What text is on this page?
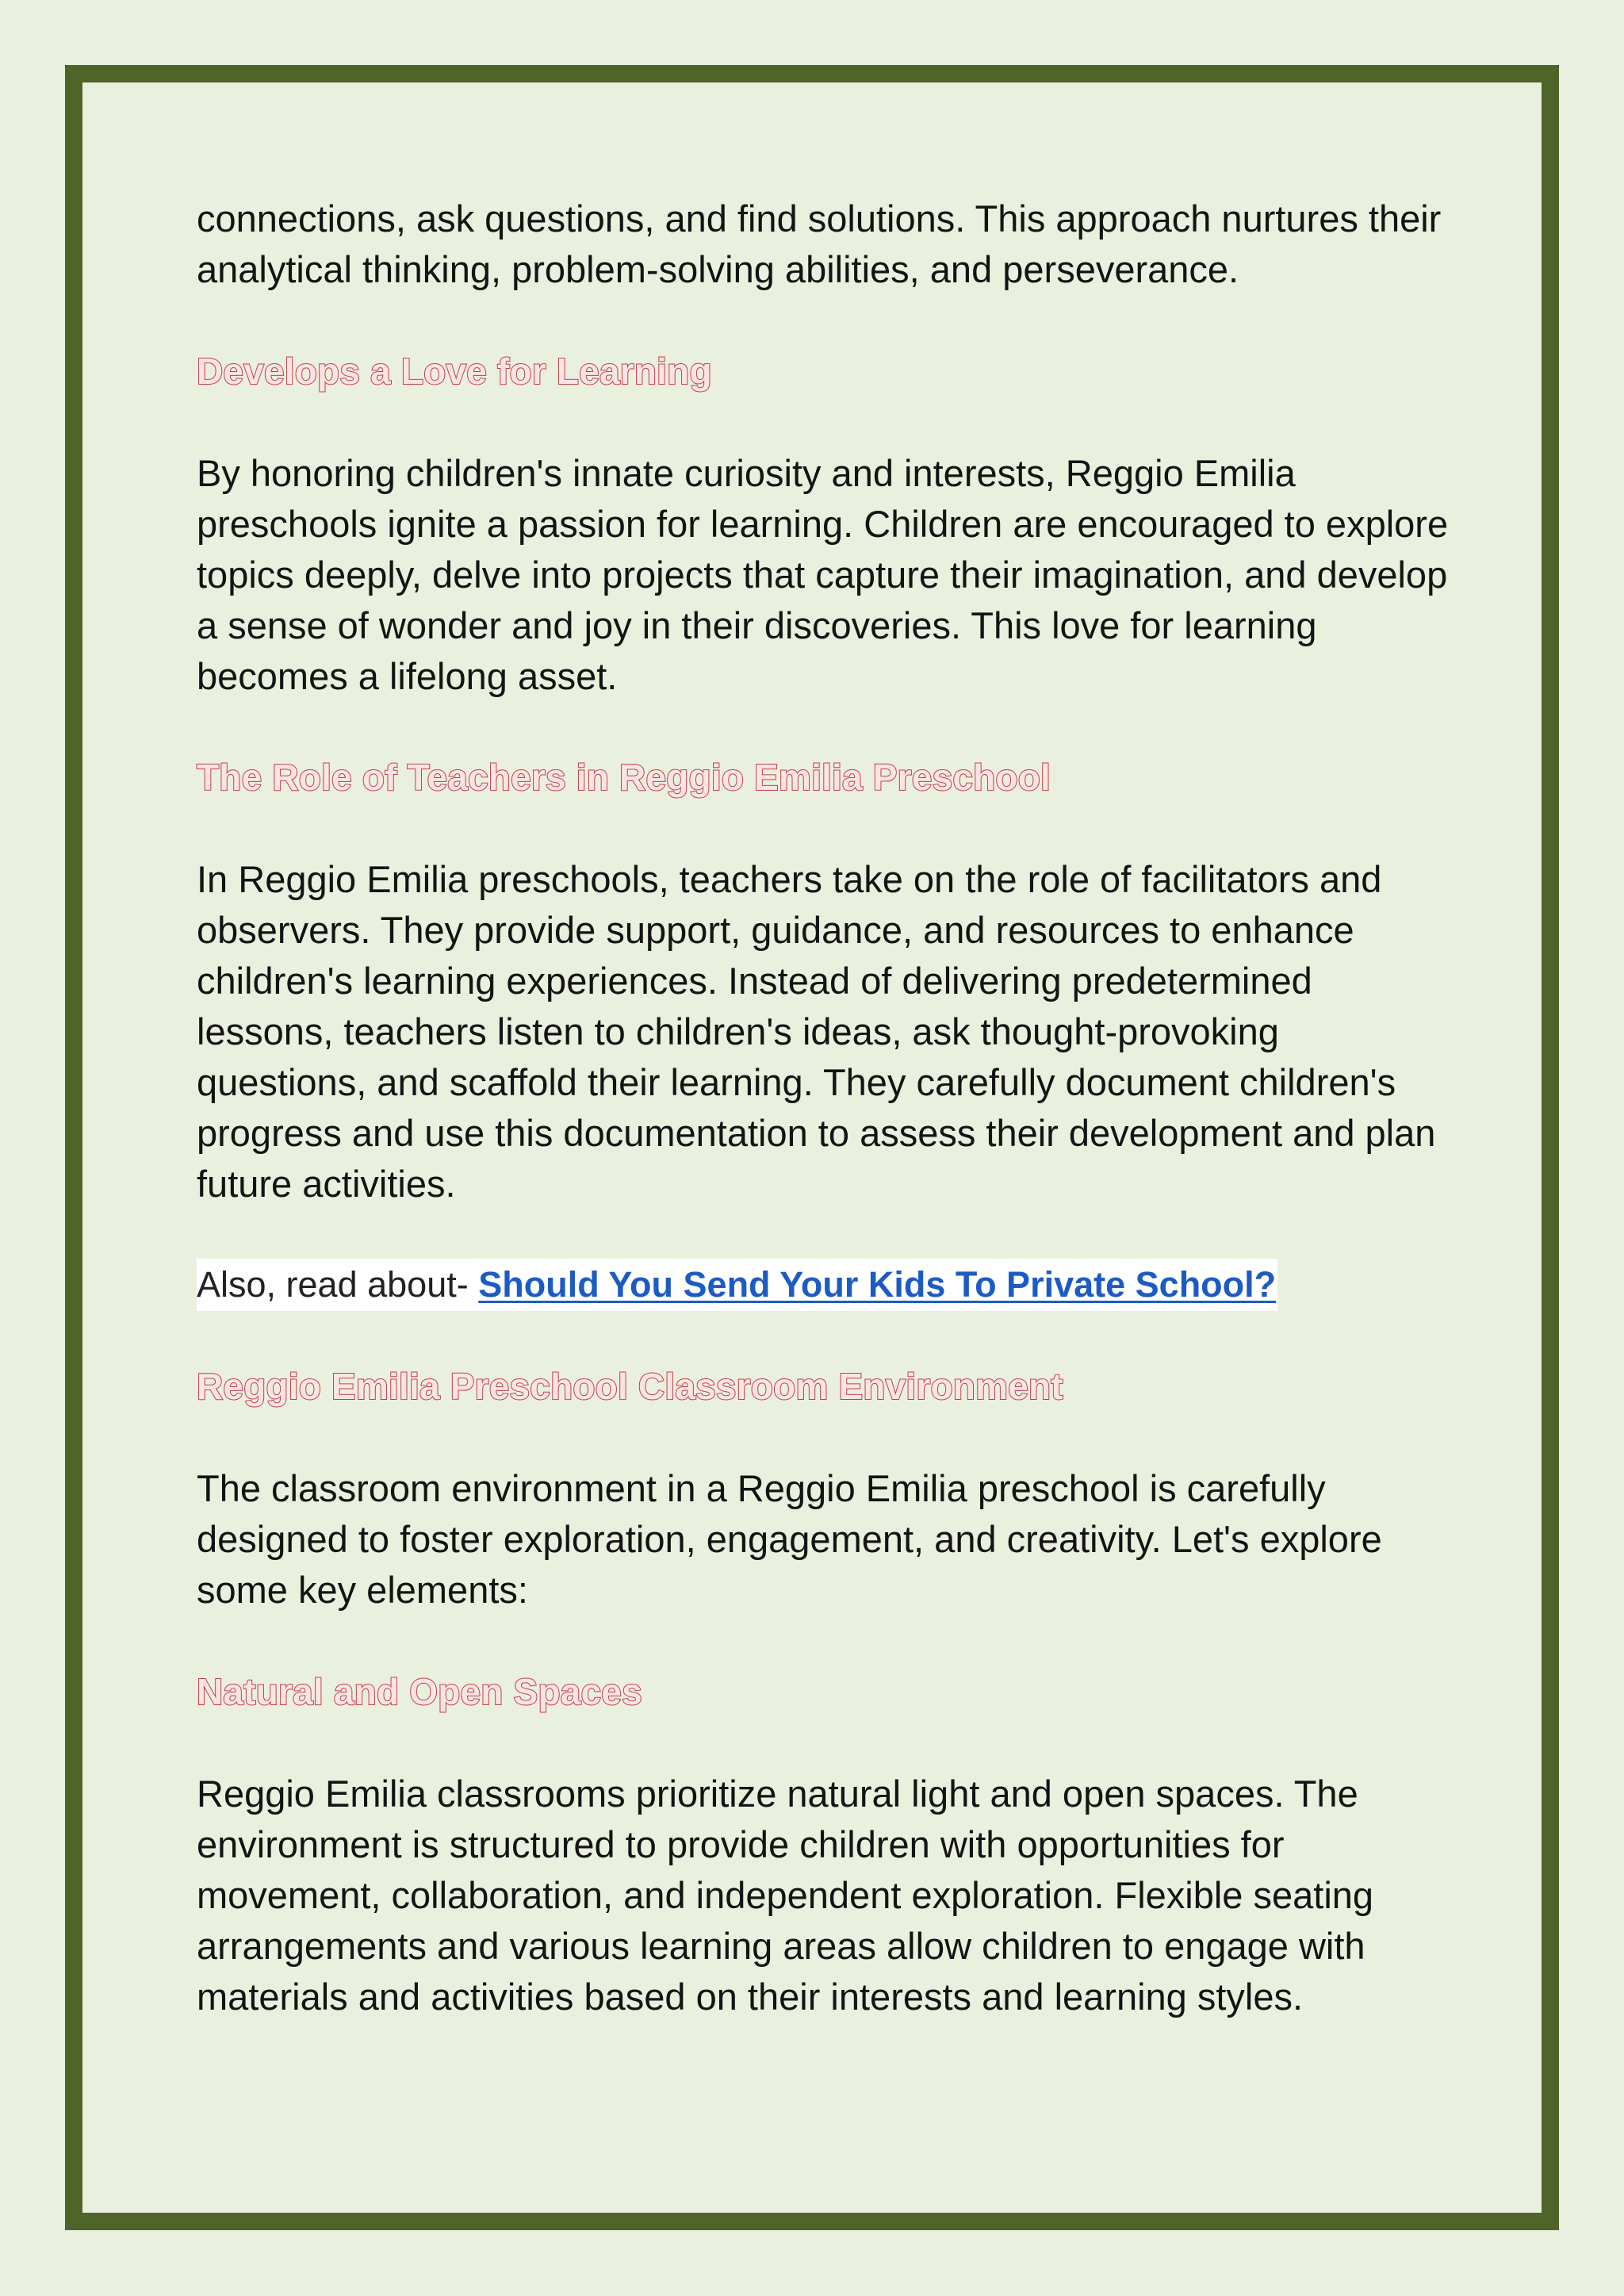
connections, ask questions, and find solutions. This approach nurtures their analytical thinking, problem-solving abilities, and perseverance.

Develops a Love for Learning

By honoring children's innate curiosity and interests, Reggio Emilia preschools ignite a passion for learning. Children are encouraged to explore topics deeply, delve into projects that capture their imagination, and develop a sense of wonder and joy in their discoveries. This love for learning becomes a lifelong asset.

The Role of Teachers in Reggio Emilia Preschool

In Reggio Emilia preschools, teachers take on the role of facilitators and observers. They provide support, guidance, and resources to enhance children's learning experiences. Instead of delivering predetermined lessons, teachers listen to children's ideas, ask thought-provoking questions, and scaffold their learning. They carefully document children's progress and use this documentation to assess their development and plan future activities.

Also, read about- Should You Send Your Kids To Private School?
Reggio Emilia Preschool Classroom Environment

The classroom environment in a Reggio Emilia preschool is carefully designed to foster exploration, engagement, and creativity. Let's explore some key elements:

Natural and Open Spaces

Reggio Emilia classrooms prioritize natural light and open spaces. The environment is structured to provide children with opportunities for movement, collaboration, and independent exploration. Flexible seating arrangements and various learning areas allow children to engage with materials and activities based on their interests and learning styles.
